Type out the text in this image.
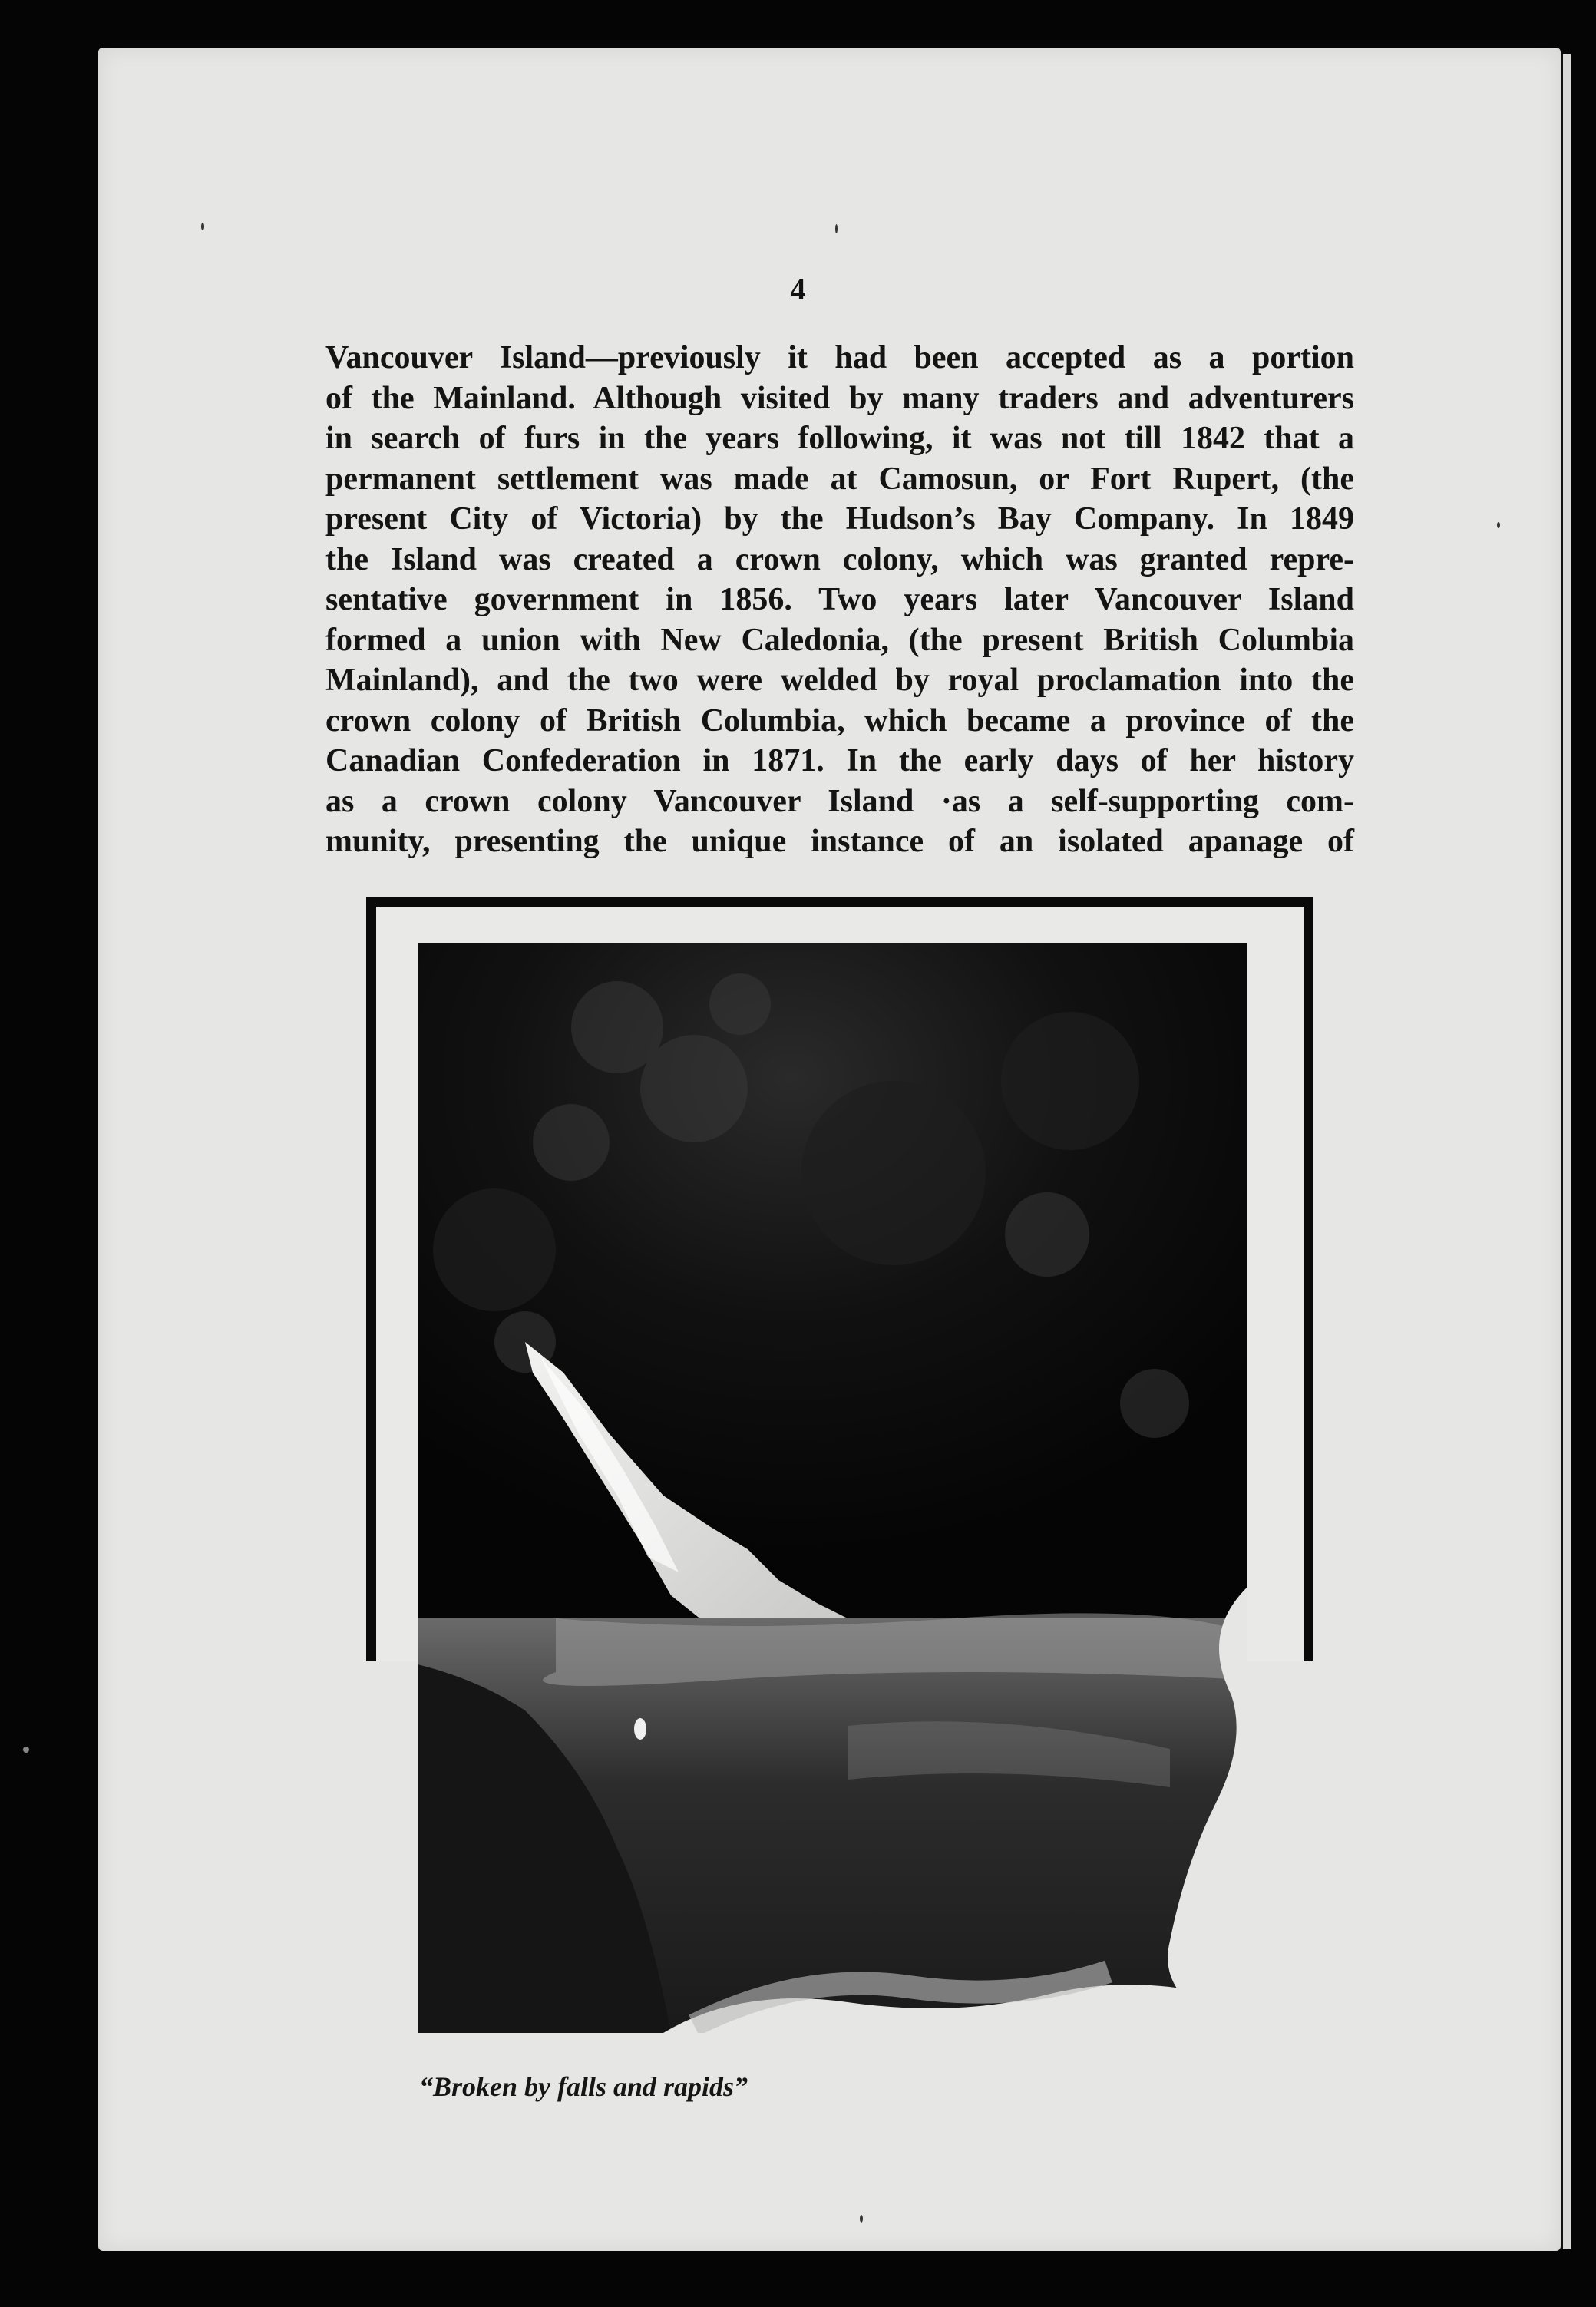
4
Vancouver Island—previously it had been accepted as a portion
of the Mainland. Although visited by many traders and adventurers
in search of furs in the years following, it was not till 1842 that a
permanent settlement was made at Camosun, or Fort Rupert, (the
present City of Victoria) by the Hudson’s Bay Company. In 1849
the Island was created a crown colony, which was granted repre-
sentative government in 1856. Two years later Vancouver Island
formed a union with New Caledonia, (the present British Columbia
Mainland), and the two were welded by royal proclamation into the
crown colony of British Columbia, which became a province of the
Canadian Confederation in 1871. In the early days of her history
as a crown colony Vancouver Island ·as a self-supporting com-
munity, presenting the unique instance of an isolated apanage of
“Broken by falls and rapids”
